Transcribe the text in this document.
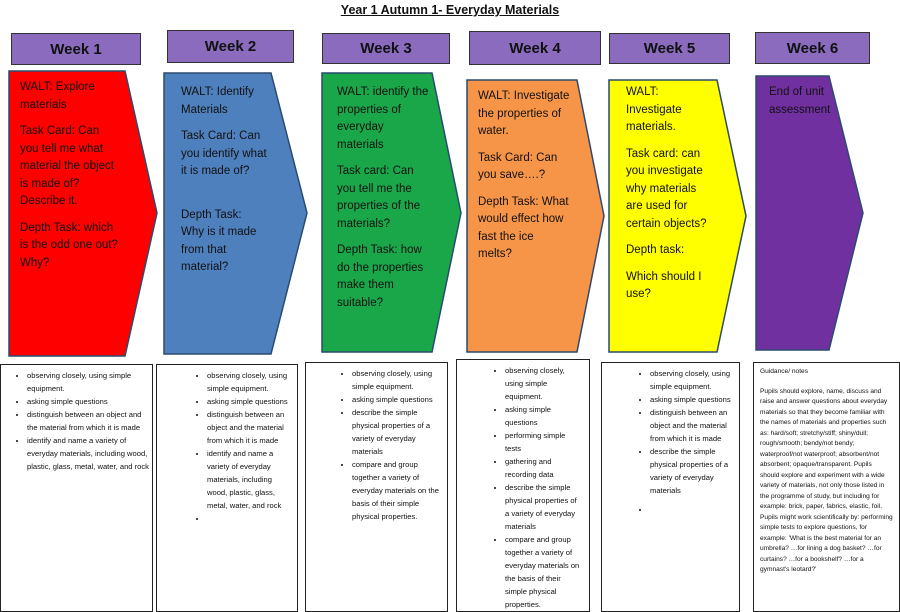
Year 1 Autumn 1- Everyday Materials
Week 1	Week 2	Week 3	Week 4	Week 5	Week 6

WALT: Explore materials

Task Card: Can you tell me what material the object is made of? Describe it.

Depth Task: which is the odd one out? Why?

WALT: Identify Materials

Task Card: Can you identify what it is made of?

Depth Task: Why is it made from that material?

WALT: identify the properties of everyday materials

Task card: Can you tell me the properties of the materials?

Depth Task: how do the properties make them suitable?

WALT: Investigate the properties of water.

Task Card: Can you save….?

Depth Task: What would effect how fast the ice melts?

WALT: Investigate materials.

Task card: can you investigate why materials are used for certain objects?

Depth task:

Which should I use?

End of unit assessment

• observing closely, using simple equipment.
• asking simple questions
• distinguish between an object and the material from which it is made
• identify and name a variety of everyday materials, including wood, plastic, glass, metal, water, and rock
• observing closely, using simple equipment.
• asking simple questions
• distinguish between an object and the material from which it is made
• identify and name a variety of everyday materials, including wood, plastic, glass, metal, water, and rock
•
• observing closely, using simple equipment.
• asking simple questions
• describe the simple physical properties of a variety of everyday materials
• compare and group together a variety of everyday materials on the basis of their simple physical properties.
• observing closely, using simple equipment.
• asking simple questions
• performing simple tests
• gathering and recording data
• describe the simple physical properties of a variety of everyday materials
• compare and group together a variety of everyday materials on the basis of their simple physical properties.
• observing closely, using simple equipment.
• asking simple questions
• distinguish between an object and the material from which it is made
• describe the simple physical properties of a variety of everyday materials
•

Guidance/ notes

Pupils should explore, name, discuss and raise and answer questions about everyday materials so that they become familiar with the names of materials and properties such as: hard/soft; stretchy/stiff; shiny/dull; rough/smooth; bendy/not bendy; waterproof/not waterproof; absorbent/not absorbent; opaque/transparent. Pupils should explore and experiment with a wide variety of materials, not only those listed in the programme of study, but including for example: brick, paper, fabrics, elastic, foil. Pupils might work scientifically by: performing simple tests to explore questions, for example: 'What is the best material for an umbrella? …for lining a dog basket? …for curtains? …for a bookshelf? …for a gymnast's leotard?'
